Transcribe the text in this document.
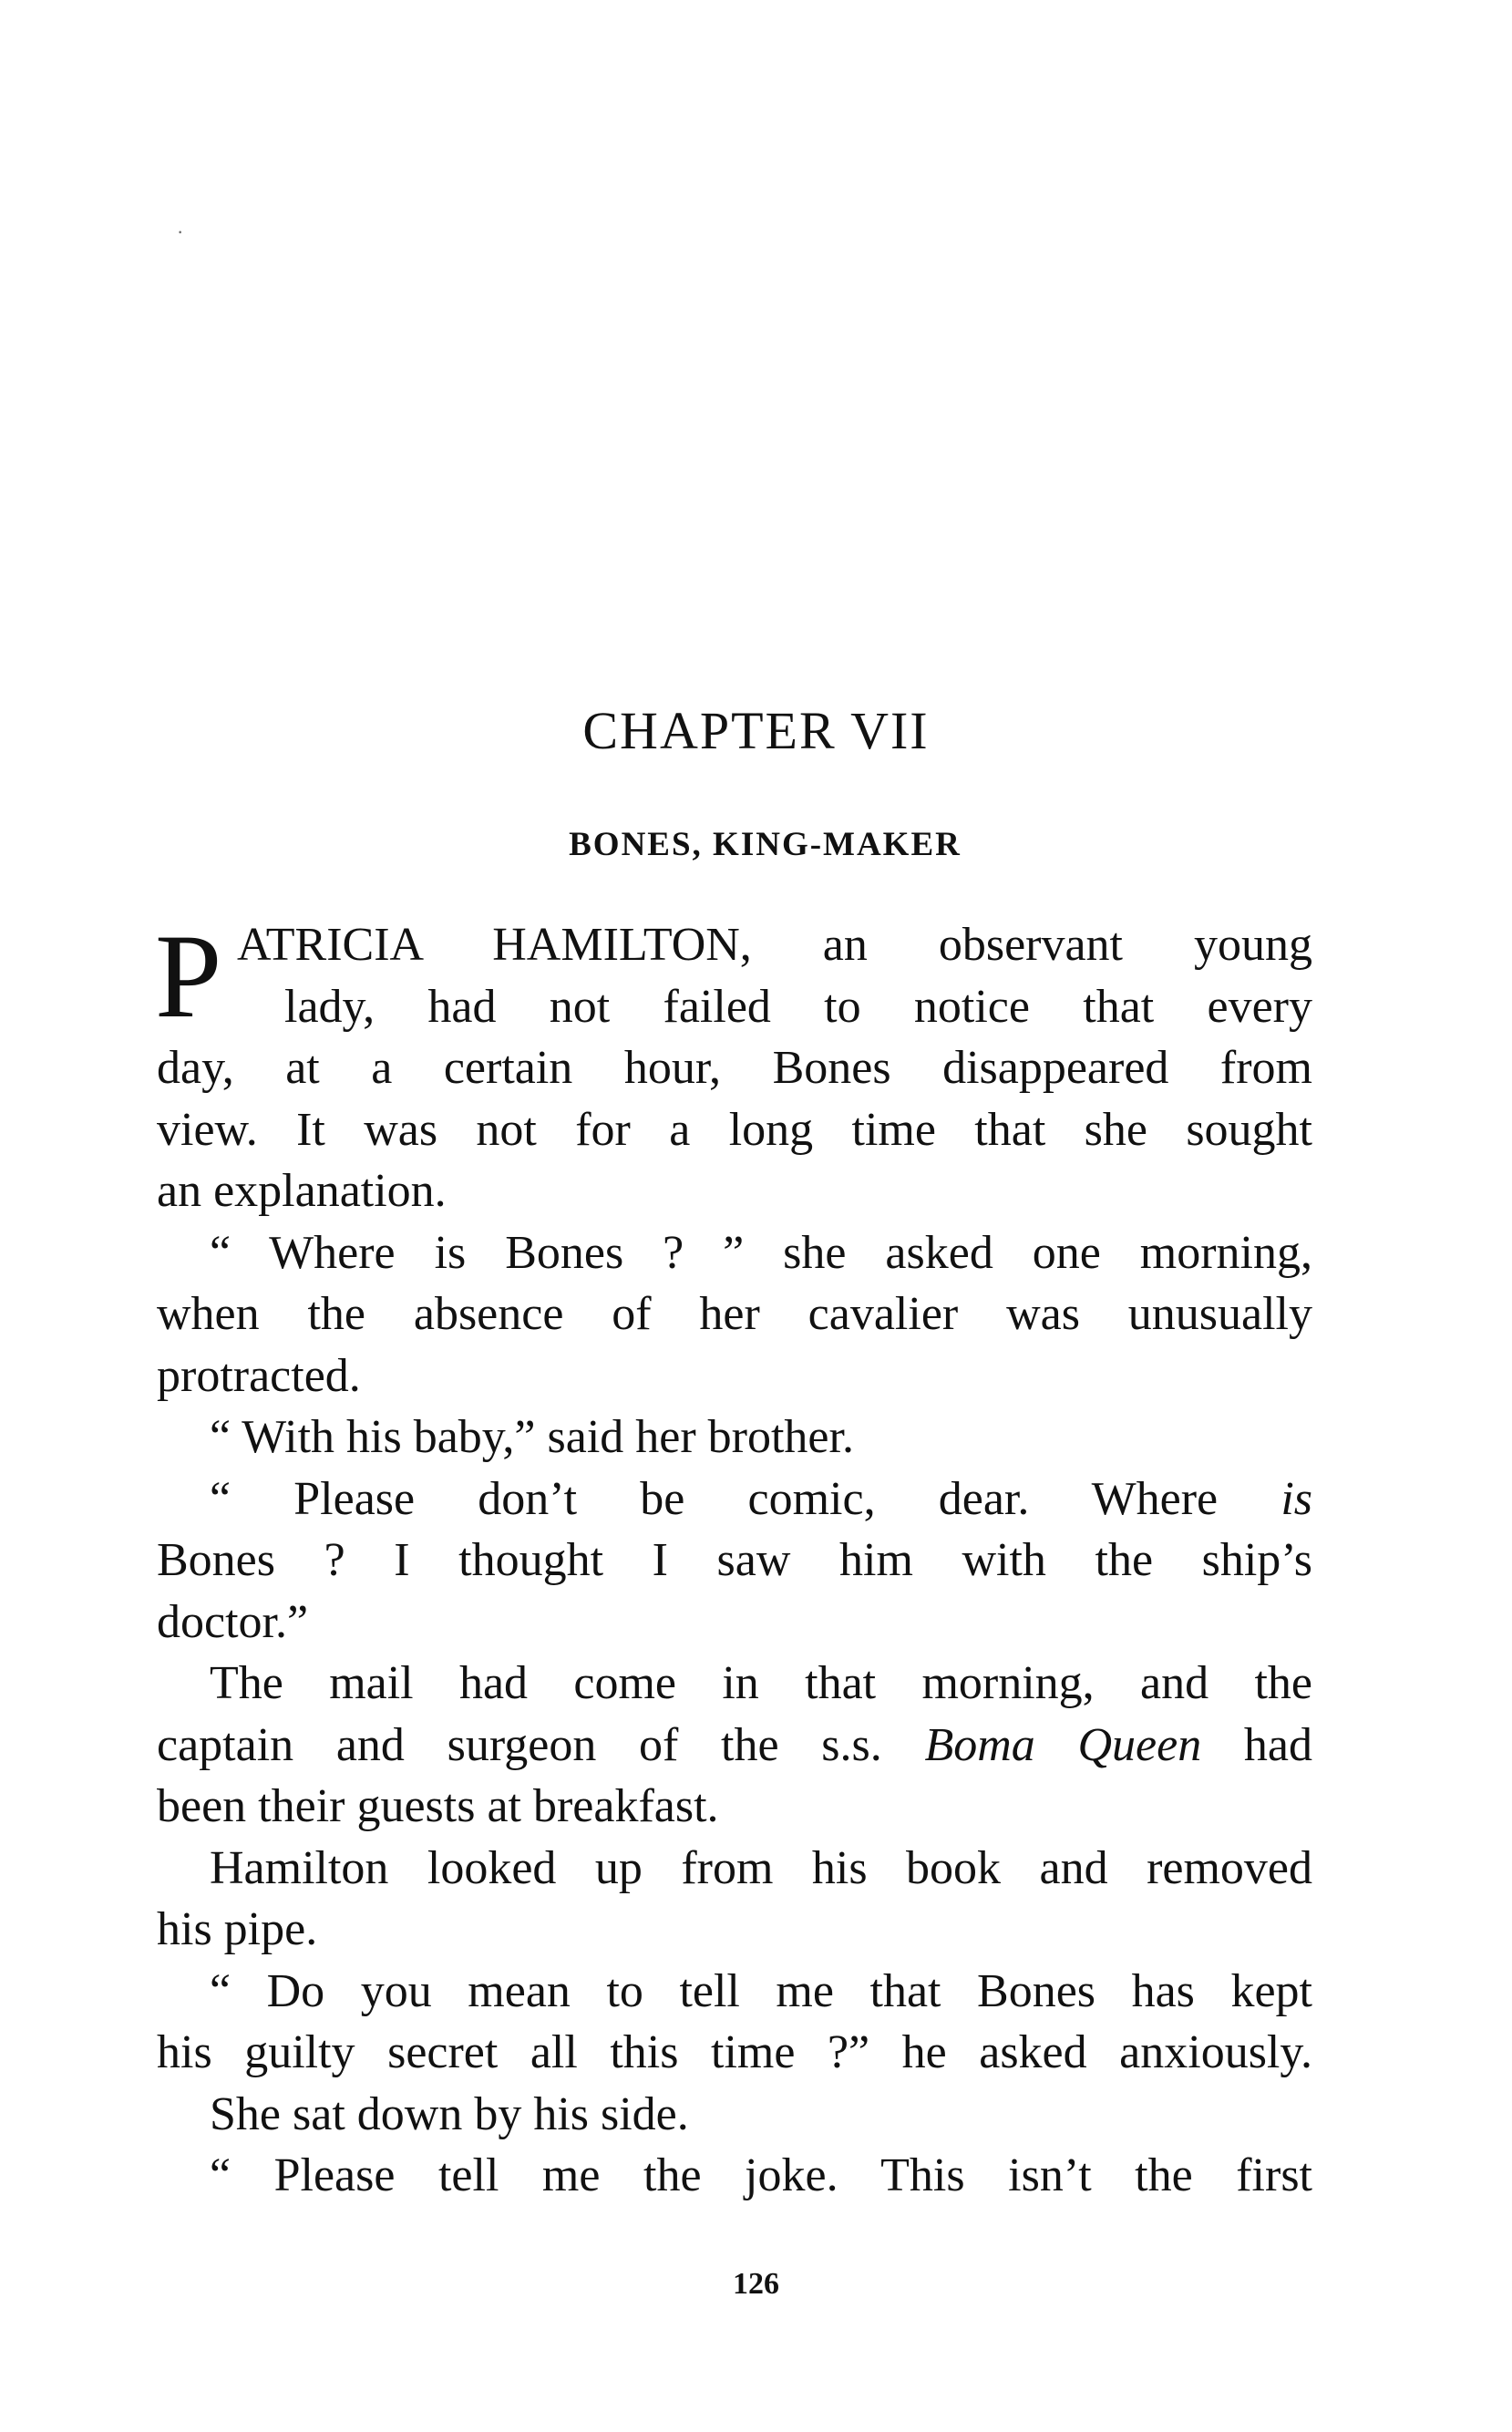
·
CHAPTER VII
BONES, KING-MAKER
P ATRICIA HAMILTON, an observant young
lady, had not failed to notice that every
day, at a certain hour, Bones disappeared from
view. It was not for a long time that she sought
an explanation.
“ Where is Bones ? ” she asked one morning,
when the absence of her cavalier was unusually
protracted.
“ With his baby,” said her brother.
“ Please don’t be comic, dear. Where is
Bones ? I thought I saw him with the ship’s
doctor.”
The mail had come in that morning, and the
captain and surgeon of the s.s. Boma Queen had
been their guests at breakfast.
Hamilton looked up from his book and removed
his pipe.
“ Do you mean to tell me that Bones has kept
his guilty secret all this time ?” he asked anxiously.
She sat down by his side.
“ Please tell me the joke. This isn’t the first
126
